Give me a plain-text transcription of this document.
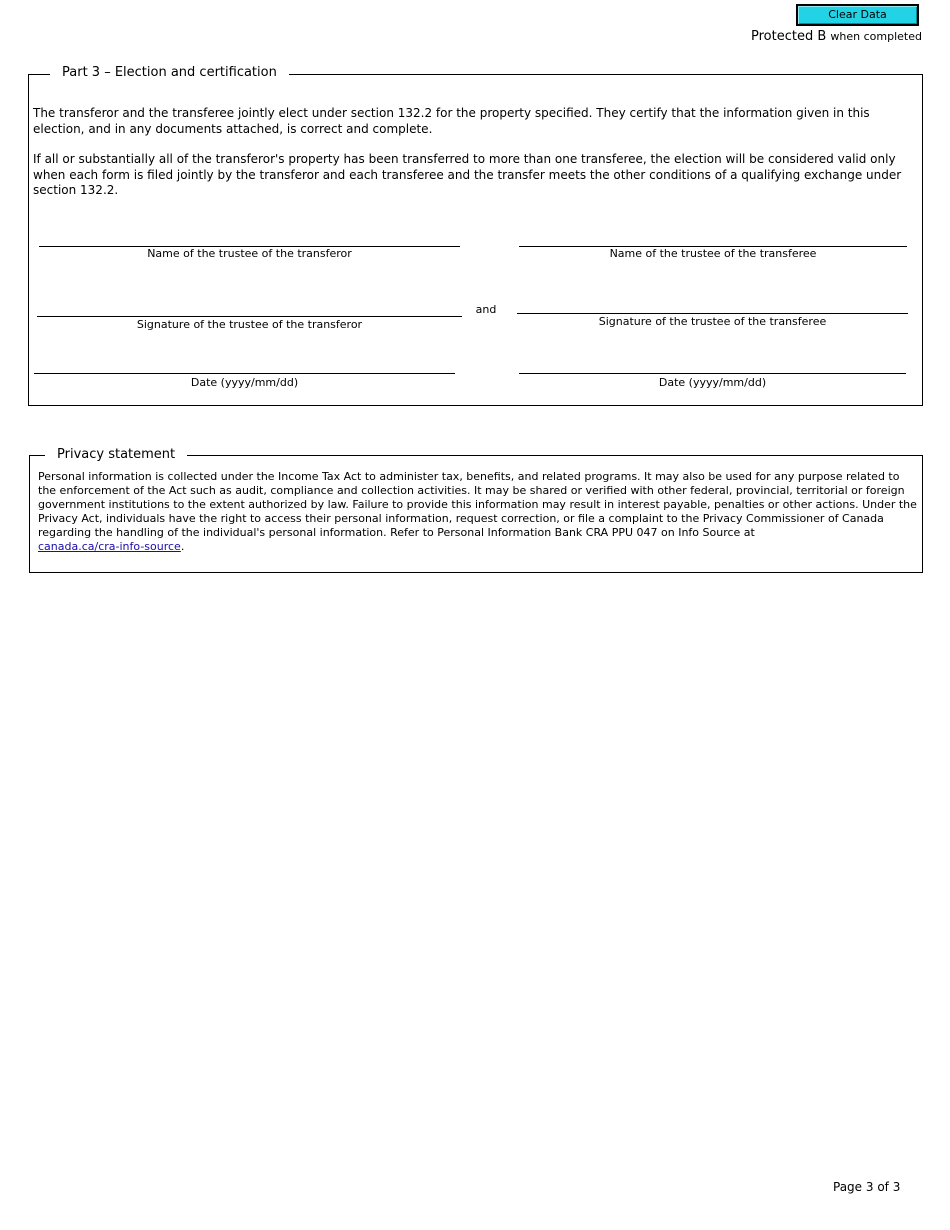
Clear Data
Protected B when completed
Part 3 – Election and certification
The transferor and the transferee jointly elect under section 132.2 for the property specified. They certify that the information given in this election, and in any documents attached, is correct and complete.
If all or substantially all of the transferor's property has been transferred to more than one transferee, the election will be considered valid only when each form is filed jointly by the transferor and each transferee and the transfer meets the other conditions of a qualifying exchange under section 132.2.
Name of the trustee of the transferor	Name of the trustee of the transferee
Signature of the trustee of the transferor
and
Signature of the trustee of the transferee
Date (yyyy/mm/dd)	Date (yyyy/mm/dd)
Privacy statement
Personal information is collected under the Income Tax Act to administer tax, benefits, and related programs. It may also be used for any purpose related to the enforcement of the Act such as audit, compliance and collection activities. It may be shared or verified with other federal, provincial, territorial or foreign government institutions to the extent authorized by law. Failure to provide this information may result in interest payable, penalties or other actions. Under the Privacy Act, individuals have the right to access their personal information, request correction, or file a complaint to the Privacy Commissioner of Canada regarding the handling of the individual's personal information. Refer to Personal Information Bank CRA PPU 047 on Info Source at
canada.ca/cra-info-source.
Page 3 of 3
